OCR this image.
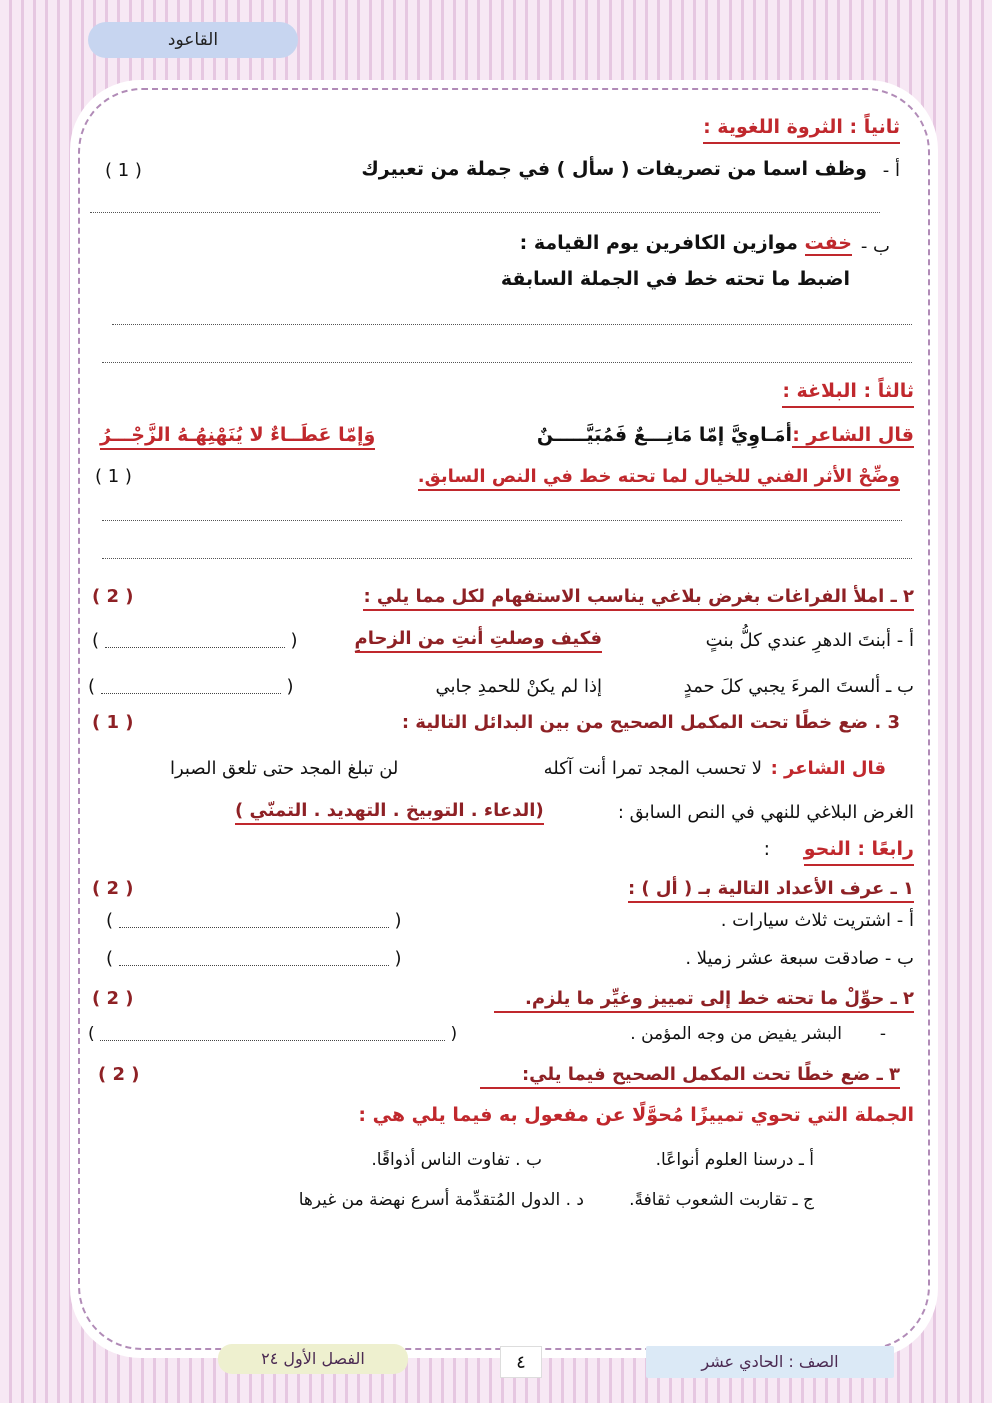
القاعود
ثانياً : الثروة اللغوية :
أ -
وظف اسما من تصريفات ( سأل ) في جملة من تعبيرك
( 1 )
ب -
خفت موازين الكافرين يوم القيامة :
اضبط ما تحته خط في الجملة السابقة
ثالثاً : البلاغة :
قال الشاعر :
أمَـاوِيَّ إمّا مَانِـــعٌ فَمُبَيَّـــــنٌ
وَإمّا عَطَــاءٌ لا يُنَهْنِهُـهُ الزَّجْـــرُ
وضِّحْ الأثر الفني للخيال لما تحته خط في النص السابق.
( 1 )
٢ ـ املأ الفراغات بغرض بلاغي يناسب الاستفهام لكل مما يلي :
( 2 )
أ - أبنتَ الدهرِ عندي كلُّ بنتٍ
فكيف وصلتِ أنتِ من الزحامِ
(  )
ب ـ ألستَ المرءَ يجبي كلَ حمدٍ
إذا لم يكنْ للحمدِ جابي
(  )
3 . ضع خطًا تحت المكمل الصحيح من بين البدائل التالية :
( 1 )
قال الشاعر :
لا تحسب المجد تمرا أنت آكله
لن تبلغ المجد حتى تلعق الصبرا
الغرض البلاغي للنهي في النص السابق :
(الدعاء . التوبيخ . التهديد . التمنّي )
رابعًا : النحو
:
١ ـ عرف الأعداد التالية بـ ( أل ) :
( 2 )
أ - اشتريت ثلاث سيارات .
(  )
ب - صادقت سبعة عشر زميلا .
(  )
٢ ـ حوِّلْ ما تحته خط إلى تمييز وغيِّر ما يلزم.
( 2 )
-
البشر يفيض من وجه المؤمن .
(  )
٣ ـ ضع خطًا تحت المكمل الصحيح فيما يلي:
( 2 )
الجملة التي تحوي تمييزًا مُحوَّلًا عن مفعول به فيما يلي هي :
أ ـ درسنا العلوم أنواعًا.
ب . تفاوت الناس أذواقًا.
ج ـ تقاربت الشعوب ثقافةً.
د . الدول المُتقدِّمة أسرع نهضة من غيرها
الفصل الأول ٢٤	٤	الصف : الحادي عشر
